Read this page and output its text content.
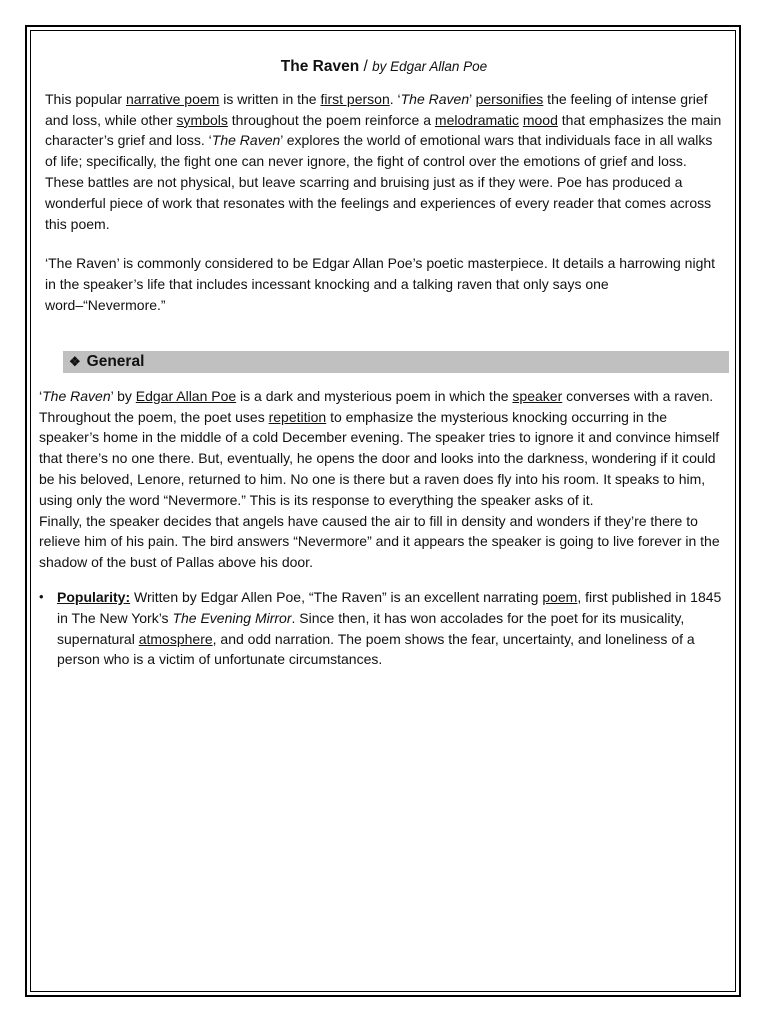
The Raven / by Edgar Allan Poe

This popular narrative poem is written in the first person. ‘The Raven’ personifies the feeling of intense grief and loss, while other symbols throughout the poem reinforce a melodramatic mood that emphasizes the main character’s grief and loss. ‘The Raven’ explores the world of emotional wars that individuals face in all walks of life; specifically, the fight one can never ignore, the fight of control over the emotions of grief and loss. These battles are not physical, but leave scarring and bruising just as if they were. Poe has produced a wonderful piece of work that resonates with the feelings and experiences of every reader that comes across this poem.

‘The Raven’ is commonly considered to be Edgar Allan Poe’s poetic masterpiece. It details a harrowing night in the speaker’s life that includes incessant knocking and a talking raven that only says one word–“Nevermore.”

❖ General

‘The Raven’ by Edgar Allan Poe is a dark and mysterious poem in which the speaker converses with a raven.

Throughout the poem, the poet uses repetition to emphasize the mysterious knocking occurring in the speaker’s home in the middle of a cold December evening. The speaker tries to ignore it and convince himself that there’s no one there. But, eventually, he opens the door and looks into the darkness, wondering if it could be his beloved, Lenore, returned to him. No one is there but a raven does fly into his room. It speaks to him, using only the word “Nevermore.” This is its response to everything the speaker asks of it.

Finally, the speaker decides that angels have caused the air to fill in density and wonders if they’re there to relieve him of his pain. The bird answers “Nevermore” and it appears the speaker is going to live forever in the shadow of the bust of Pallas above his door.

• Popularity: Written by Edgar Allen Poe, “The Raven” is an excellent narrating poem, first published in 1845 in The New York’s The Evening Mirror. Since then, it has won accolades for the poet for its musicality, supernatural atmosphere, and odd narration. The poem shows the fear, uncertainty, and loneliness of a person who is a victim of unfortunate circumstances.
